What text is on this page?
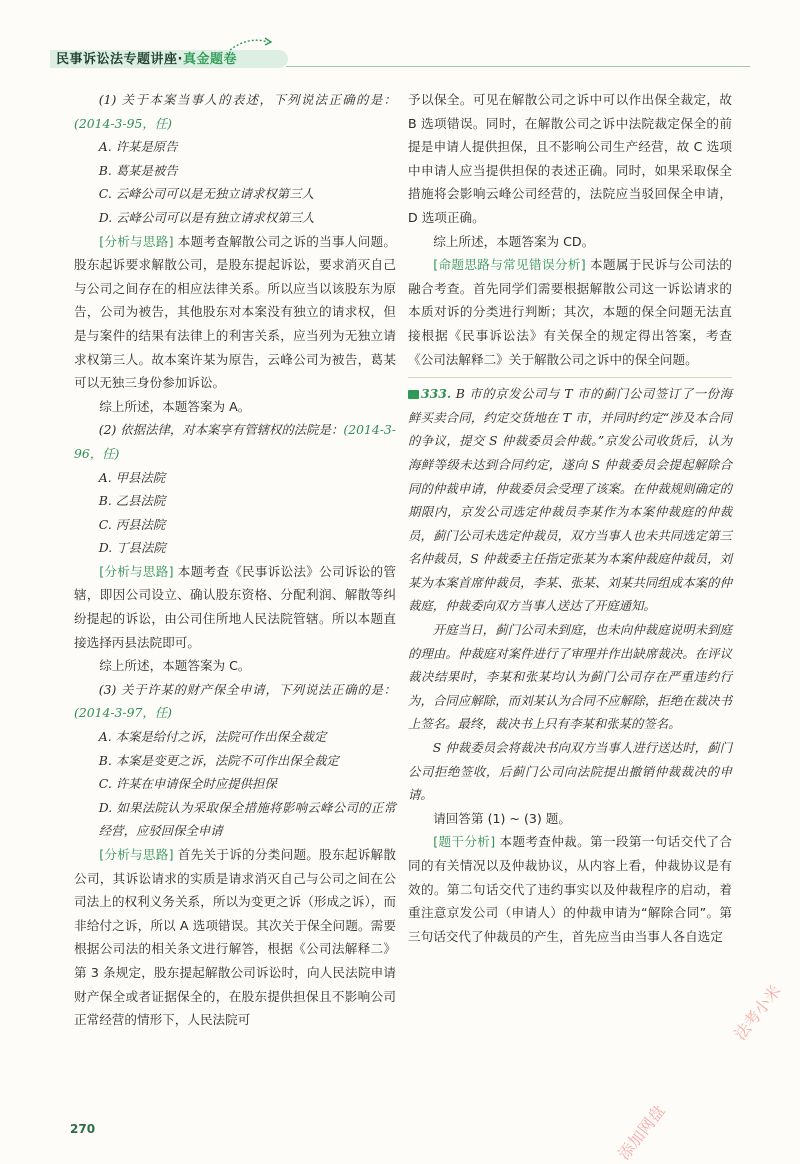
民事诉讼法专题讲座·真金题卷

(1) 关于本案当事人的表述，下列说法正确的是：(2014-3-95，任)

A. 许某是原告

B. 葛某是被告

C. 云峰公司可以是无独立请求权第三人

D. 云峰公司可以是有独立请求权第三人

[分析与思路] 本题考查解散公司之诉的当事人问题。股东起诉要求解散公司，是股东提起诉讼，要求消灭自己与公司之间存在的相应法律关系。所以应当以该股东为原告，公司为被告，其他股东对本案没有独立的请求权，但是与案件的结果有法律上的利害关系，应当列为无独立请求权第三人。故本案许某为原告，云峰公司为被告，葛某可以无独三身份参加诉讼。

综上所述，本题答案为 A。

(2) 依据法律，对本案享有管辖权的法院是：(2014-3-96，任)

A. 甲县法院

B. 乙县法院

C. 丙县法院

D. 丁县法院

[分析与思路] 本题考查《民事诉讼法》公司诉讼的管辖，即因公司设立、确认股东资格、分配利润、解散等纠纷提起的诉讼，由公司住所地人民法院管辖。所以本题直接选择丙县法院即可。

综上所述，本题答案为 C。

(3) 关于许某的财产保全申请，下列说法正确的是：(2014-3-97，任)

A. 本案是给付之诉，法院可作出保全裁定

B. 本案是变更之诉，法院不可作出保全裁定

C. 许某在申请保全时应提供担保

D. 如果法院认为采取保全措施将影响云峰公司的正常经营，应驳回保全申请

[分析与思路] 首先关于诉的分类问题。股东起诉解散公司，其诉讼请求的实质是请求消灭自己与公司之间在公司法上的权利义务关系，所以为变更之诉（形成之诉），而非给付之诉，所以 A 选项错误。其次关于保全问题。需要根据公司法的相关条文进行解答，根据《公司法解释二》第 3 条规定，股东提起解散公司诉讼时，向人民法院申请财产保全或者证据保全的，在股东提供担保且不影响公司正常经营的情形下，人民法院可

予以保全。可见在解散公司之诉中可以作出保全裁定，故 B 选项错误。同时，在解散公司之诉中法院裁定保全的前提是申请人提供担保，且不影响公司生产经营，故 C 选项中申请人应当提供担保的表述正确。同时，如果采取保全措施将会影响云峰公司经营的，法院应当驳回保全申请，D 选项正确。

综上所述，本题答案为 CD。

[命题思路与常见错误分析] 本题属于民诉与公司法的融合考查。首先同学们需要根据解散公司这一诉讼请求的本质对诉的分类进行判断；其次，本题的保全问题无法直接根据《民事诉讼法》有关保全的规定得出答案，考查《公司法解释二》关于解散公司之诉中的保全问题。

333. B 市的京发公司与 T 市的蓟门公司签订了一份海鲜买卖合同，约定交货地在 T 市，并同时约定“涉及本合同的争议，提交 S 仲裁委员会仲裁。”京发公司收货后，认为海鲜等级未达到合同约定，遂向 S 仲裁委员会提起解除合同的仲裁申请，仲裁委员会受理了该案。在仲裁规则确定的期限内，京发公司选定仲裁员李某作为本案仲裁庭的仲裁员，蓟门公司未选定仲裁员，双方当事人也未共同选定第三名仲裁员，S 仲裁委主任指定张某为本案仲裁庭仲裁员，刘某为本案首席仲裁员，李某、张某、刘某共同组成本案的仲裁庭，仲裁委向双方当事人送达了开庭通知。

开庭当日，蓟门公司未到庭，也未向仲裁庭说明未到庭的理由。仲裁庭对案件进行了审理并作出缺席裁决。在评议裁决结果时，李某和张某均认为蓟门公司存在严重违约行为，合同应解除，而刘某认为合同不应解除，拒绝在裁决书上签名。最终，裁决书上只有李某和张某的签名。

S 仲裁委员会将裁决书向双方当事人进行送达时，蓟门公司拒绝签收，后蓟门公司向法院提出撤销仲裁裁决的申请。

请回答第 (1) ~ (3) 题。

[题干分析] 本题考查仲裁。第一段第一句话交代了合同的有关情况以及仲裁协议，从内容上看，仲裁协议是有效的。第二句话交代了违约事实以及仲裁程序的启动，着重注意京发公司（申请人）的仲裁申请为“解除合同”。第三句话交代了仲裁员的产生，首先应当由当事人各自选定

270	添加网盘
法考小米
